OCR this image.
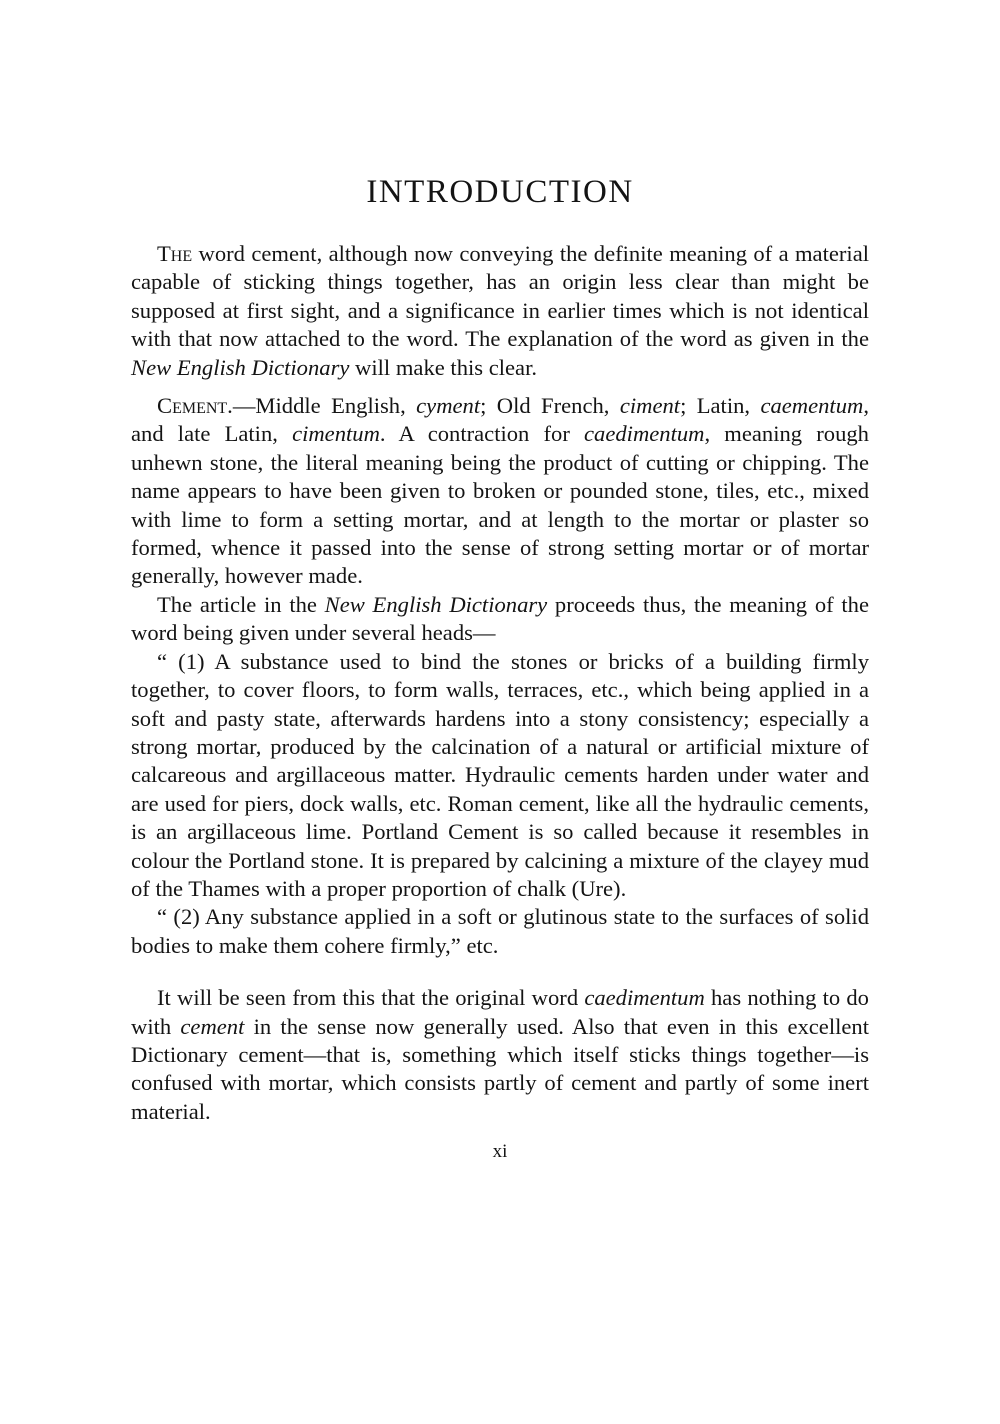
INTRODUCTION

The word cement, although now conveying the definite meaning of a material capable of sticking things together, has an origin less clear than might be supposed at first sight, and a significance in earlier times which is not identical with that now attached to the word. The explanation of the word as given in the New English Dictionary will make this clear.

Cement.—Middle English, cyment; Old French, ciment; Latin, caementum, and late Latin, cimentum. A contraction for caedimentum, meaning rough unhewn stone, the literal meaning being the product of cutting or chipping. The name appears to have been given to broken or pounded stone, tiles, etc., mixed with lime to form a setting mortar, and at length to the mortar or plaster so formed, whence it passed into the sense of strong setting mortar or of mortar generally, however made.

The article in the New English Dictionary proceeds thus, the meaning of the word being given under several heads—

“ (1) A substance used to bind the stones or bricks of a building firmly together, to cover floors, to form walls, terraces, etc., which being applied in a soft and pasty state, afterwards hardens into a stony consistency; especially a strong mortar, produced by the calcination of a natural or artificial mixture of calcareous and argillaceous matter. Hydraulic cements harden under water and are used for piers, dock walls, etc. Roman cement, like all the hydraulic cements, is an argillaceous lime. Portland Cement is so called because it resembles in colour the Portland stone. It is prepared by calcining a mixture of the clayey mud of the Thames with a proper proportion of chalk (Ure).

“ (2) Any substance applied in a soft or glutinous state to the surfaces of solid bodies to make them cohere firmly,” etc.

It will be seen from this that the original word caedimentum has nothing to do with cement in the sense now generally used. Also that even in this excellent Dictionary cement—that is, something which itself sticks things together—is confused with mortar, which consists partly of cement and partly of some inert material.

xi
